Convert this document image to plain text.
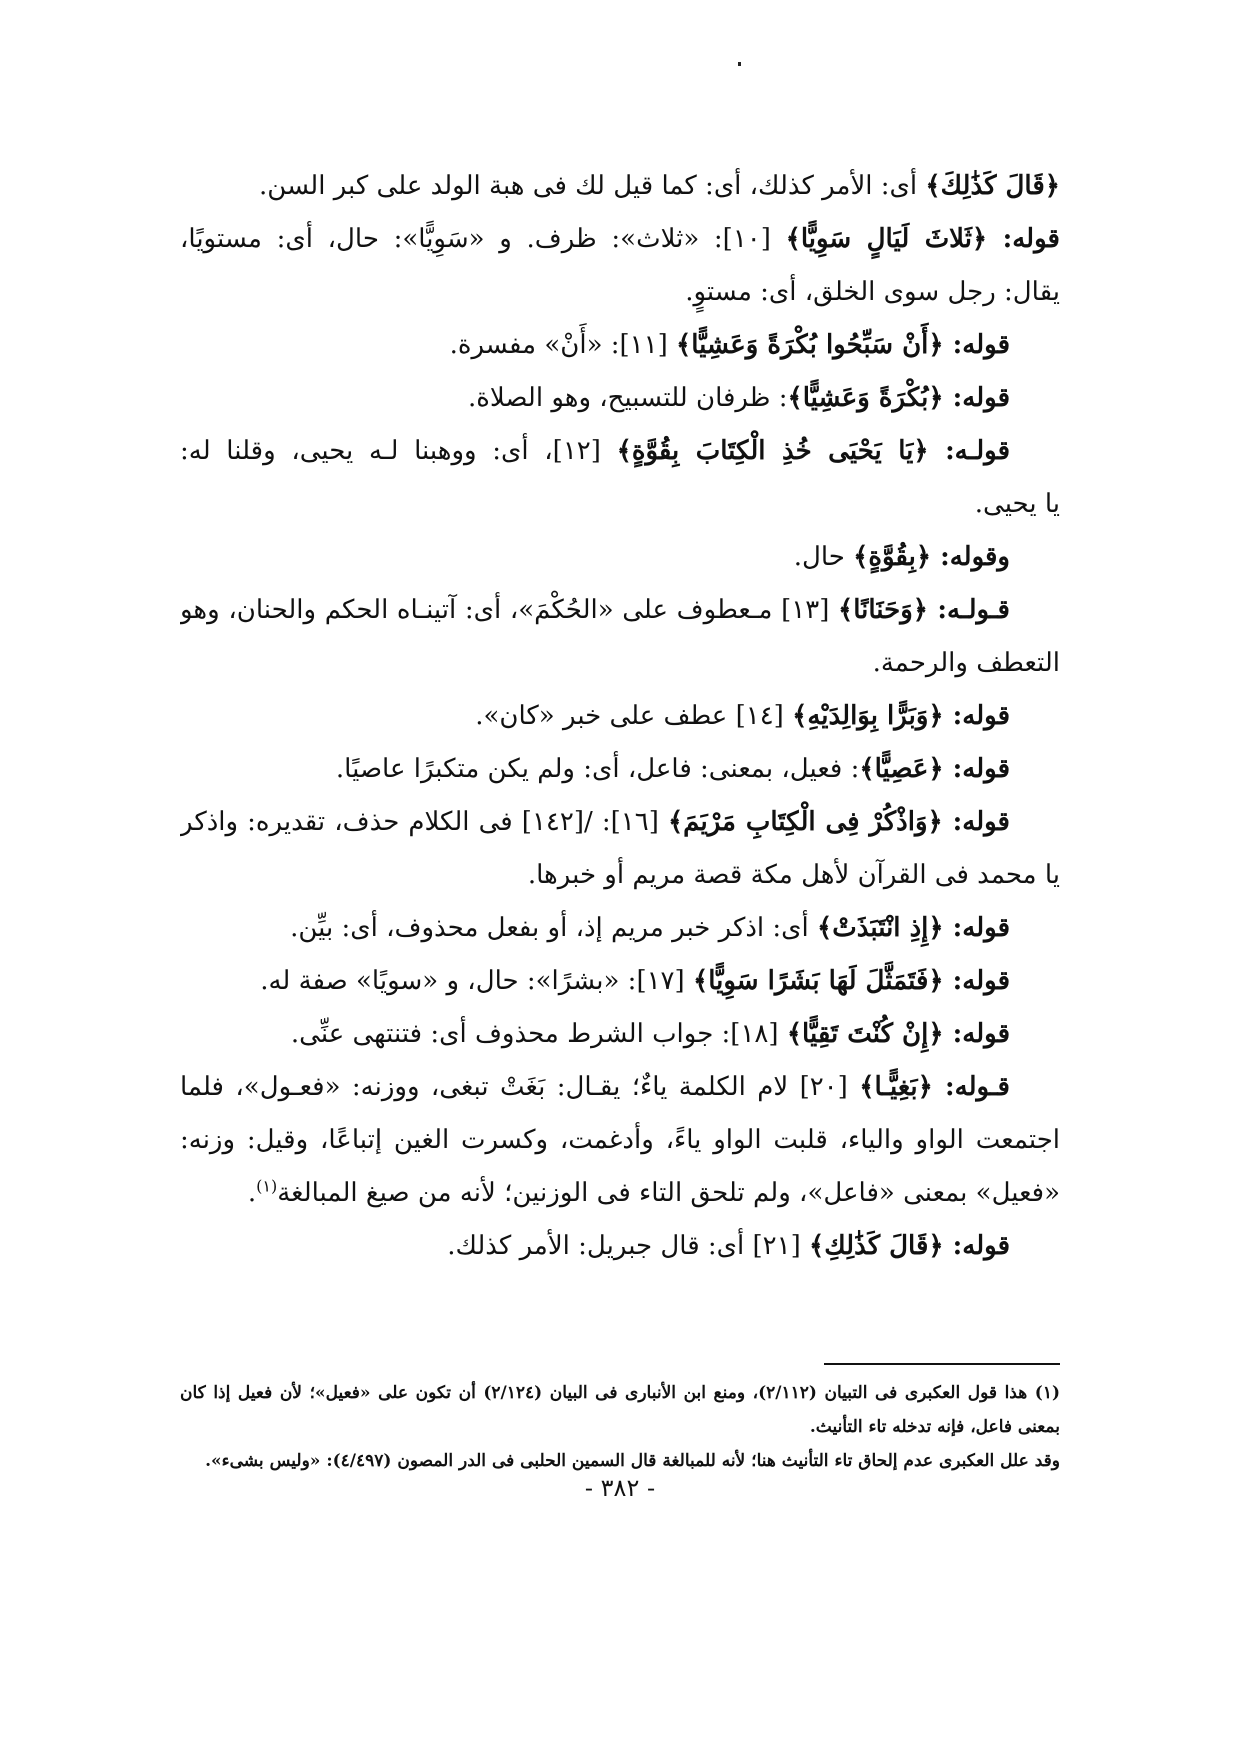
﴿قَالَ كَذَٰلِكَ﴾ أى: الأمر كذلك، أى: كما قيل لك فى هبة الولد على كبر السن.
قوله: ﴿ثَلاثَ لَيَالٍ سَوِيًّا﴾ [١٠]: «ثلاث»: ظرف. و «سَوِيًّا»: حال، أى: مستويًا،
يقال: رجل سوى الخلق، أى: مستوٍ.
قوله: ﴿أَنْ سَبِّحُوا بُكْرَةً وَعَشِيًّا﴾ [١١]: «أَنْ» مفسرة.
قوله: ﴿بُكْرَةً وَعَشِيًّا﴾: ظرفان للتسبيح، وهو الصلاة.
قولـه: ﴿يَا يَحْيَى خُذِ الْكِتَابَ بِقُوَّةٍ﴾ [١٢]، أى: ووهبنا لـه يحيى، وقلنا له:
يا يحيى.
وقوله: ﴿بِقُوَّةٍ﴾ حال.
قـولـه: ﴿وَحَنَانًا﴾ [١٣] مـعطوف على «الحُكْمَ»، أى: آتينـاه الحكم والحنان، وهو
التعطف والرحمة.
قوله: ﴿وَبَرًّا بِوَالِدَيْهِ﴾ [١٤] عطف على خبر «كان».
قوله: ﴿عَصِيًّا﴾: فعيل، بمعنى: فاعل، أى: ولم يكن متكبرًا عاصيًا.
قوله: ﴿وَاذْكُرْ فِى الْكِتَابِ مَرْيَمَ﴾ [١٦]: /[١٤٢] فى الكلام حذف، تقديره: واذكر
يا محمد فى القرآن لأهل مكة قصة مريم أو خبرها.
قوله: ﴿إِذِ انْتَبَذَتْ﴾ أى: اذكر خبر مريم إذ، أو بفعل محذوف، أى: بيِّن.
قوله: ﴿فَتَمَثَّلَ لَهَا بَشَرًا سَوِيًّا﴾ [١٧]: «بشرًا»: حال، و «سويًا» صفة له.
قوله: ﴿إِنْ كُنْتَ تَقِيًّا﴾ [١٨]: جواب الشرط محذوف أى: فتنتهى عنِّى.
قـوله: ﴿بَغِيًّـا﴾ [٢٠] لام الكلمة ياءٌ؛ يقـال: بَغَتْ تبغى، ووزنه: «فعـول»، فلما
اجتمعت الواو والياء، قلبت الواو ياءً، وأدغمت، وكسرت الغين إتباعًا، وقيل: وزنه:
«فعيل» بمعنى «فاعل»، ولم تلحق التاء فى الوزنين؛ لأنه من صيغ المبالغة$^{(١)}$.
قوله: ﴿قَالَ كَذَٰلِكِ﴾ [٢١] أى: قال جبريل: الأمر كذلك.
(١) هذا قول العكبرى فى التبيان (٢/١١٢)، ومنع ابن الأنبارى فى البيان (٢/١٢٤) أن تكون على «فعيل»؛ لأن فعيل إذا كان
بمعنى فاعل، فإنه تدخله تاء التأنيث.
وقد علل العكبرى عدم إلحاق تاء التأنيث هنا؛ لأنه للمبالغة قال السمين الحلبى فى الدر المصون (٤/٤٩٧): «وليس بشىء».
- ٣٨٢ -
